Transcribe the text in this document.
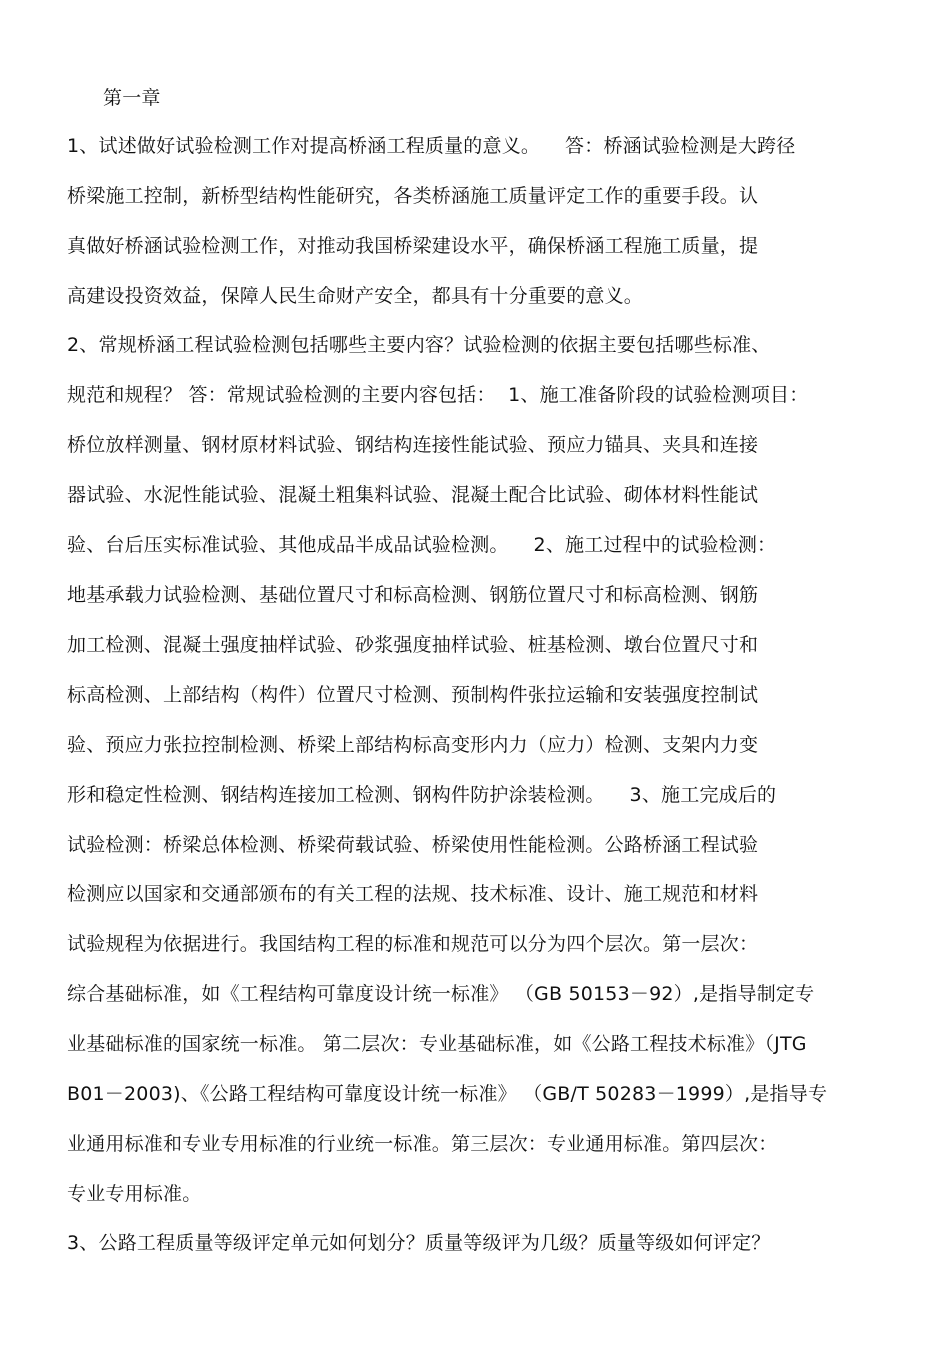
第一章
1、试述做好试验检测工作对提高桥涵工程质量的意义。    答：桥涵试验检测是大跨径
桥梁施工控制，新桥型结构性能研究，各类桥涵施工质量评定工作的重要手段。认
真做好桥涵试验检测工作，对推动我国桥梁建设水平，确保桥涵工程施工质量，提
高建设投资效益，保障人民生命财产安全，都具有十分重要的意义。
2、常规桥涵工程试验检测包括哪些主要内容？试验检测的依据主要包括哪些标准、
规范和规程？ 答：常规试验检测的主要内容包括：  1、施工准备阶段的试验检测项目：
桥位放样测量、钢材原材料试验、钢结构连接性能试验、预应力锚具、夹具和连接
器试验、水泥性能试验、混凝土粗集料试验、混凝土配合比试验、砌体材料性能试
验、台后压实标准试验、其他成品半成品试验检测。    2、施工过程中的试验检测：
地基承载力试验检测、基础位置尺寸和标高检测、钢筋位置尺寸和标高检测、钢筋
加工检测、混凝土强度抽样试验、砂浆强度抽样试验、桩基检测、墩台位置尺寸和
标高检测、上部结构（构件）位置尺寸检测、预制构件张拉运输和安装强度控制试
验、预应力张拉控制检测、桥梁上部结构标高变形内力（应力）检测、支架内力变
形和稳定性检测、钢结构连接加工检测、钢构件防护涂装检测。    3、施工完成后的
试验检测：桥梁总体检测、桥梁荷载试验、桥梁使用性能检测。公路桥涵工程试验
检测应以国家和交通部颁布的有关工程的法规、技术标准、设计、施工规范和材料
试验规程为依据进行。我国结构工程的标准和规范可以分为四个层次。第一层次：
综合基础标准，如《工程结构可靠度设计统一标准》 （GB 50153－92）,是指导制定专
业基础标准的国家统一标准。 第二层次：专业基础标准，如《公路工程技术标准》（JTG
B01－2003)、《公路工程结构可靠度设计统一标准》 （GB/T 50283－1999）,是指导专
业通用标准和专业专用标准的行业统一标准。第三层次：专业通用标准。第四层次：
专业专用标准。
3、公路工程质量等级评定单元如何划分？质量等级评为几级？质量等级如何评定？
